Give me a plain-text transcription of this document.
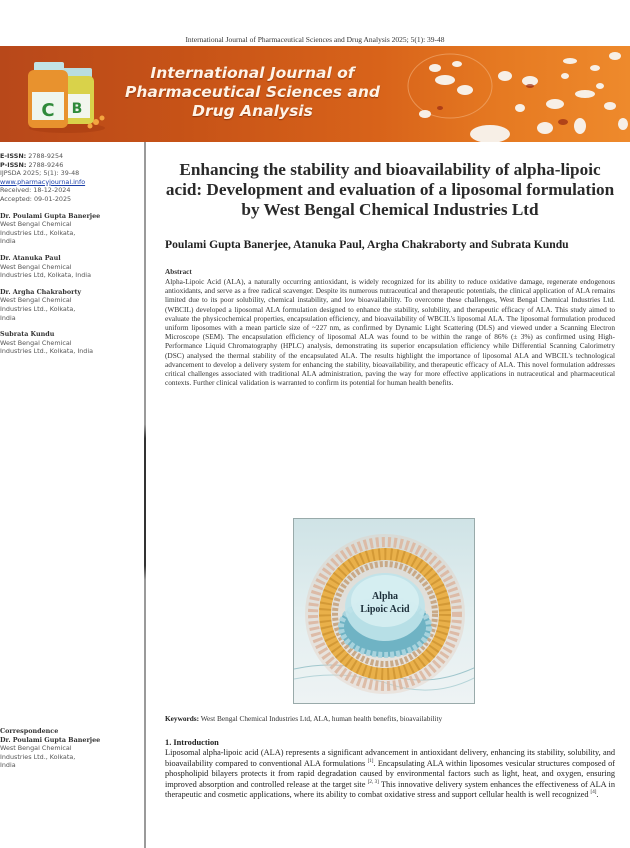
International Journal of Pharmaceutical Sciences and Drug Analysis 2025; 5(1): 39-48
B
C
International Journal of
Pharmaceutical Sciences and
Drug Analysis
E-ISSN: 2788-9254
P-ISSN: 2788-9246
IJPSDA 2025; 5(1): 39-48
www.pharmacyjournal.info
Received: 18-12-2024
Accepted: 09-01-2025
Dr. Poulami Gupta Banerjee
West Bengal Chemical
Industries Ltd., Kolkata,
India
Dr. Atanuka Paul
West Bengal Chemical
Industries Ltd, Kolkata, India
Dr. Argha Chakraborty
West Bengal Chemical
Industries Ltd., Kolkata,
India
Subrata Kundu
West Bengal Chemical
Industries Ltd., Kolkata, India
Correspondence
Dr. Poulami Gupta Banerjee
West Bengal Chemical
Industries Ltd., Kolkata,
India
Enhancing the stability and bioavailability of alpha-lipoic acid: Development and evaluation of a liposomal formulation by West Bengal Chemical Industries Ltd
Poulami Gupta Banerjee, Atanuka Paul, Argha Chakraborty and Subrata Kundu
Abstract

Alpha-Lipoic Acid (ALA), a naturally occurring antioxidant, is widely recognized for its ability to reduce oxidative damage, regenerate endogenous antioxidants, and serve as a free radical scavenger. Despite its numerous nutraceutical and therapeutic potentials, the clinical application of ALA remains limited due to its poor solubility, chemical instability, and low bioavailability. To overcome these challenges, West Bengal Chemical Industries Ltd. (WBCIL) developed a liposomal ALA formulation designed to enhance the stability, solubility, and therapeutic efficacy of ALA. This study aimed to evaluate the physicochemical properties, encapsulation efficiency, and bioavailability of WBCIL's liposomal ALA. The liposomal formulation produced uniform liposomes with a mean particle size of ~227 nm, as confirmed by Dynamic Light Scattering (DLS) and viewed under a Scanning Electron Microscope (SEM). The encapsulation efficiency of liposomal ALA was found to be within the range of 86% (± 3%) as confirmed using High-Performance Liquid Chromatography (HPLC) analysis, demonstrating its superior encapsulation efficiency while Differential Scanning Calorimetry (DSC) analysed the thermal stability of the encapsulated ALA. The results highlight the importance of liposomal ALA and WBCIL's technological advancement to develop a delivery system for enhancing the stability, bioavailability, and therapeutic efficacy of ALA. This novel formulation addresses critical challenges associated with traditional ALA administration, paving the way for more effective applications in nutraceutical and pharmaceutical contexts. Further clinical validation is warranted to confirm its potential for human health benefits.

Alpha
Lipoic Acid
Keywords: West Bengal Chemical Industries Ltd, ALA, human health benefits, bioavailability
1. Introduction

Liposomal alpha-lipoic acid (ALA) represents a significant advancement in antioxidant delivery, enhancing its stability, solubility, and bioavailability compared to conventional ALA formulations [1]. Encapsulating ALA within liposomes vesicular structures composed of phospholipid bilayers protects it from rapid degradation caused by environmental factors such as light, heat, and oxygen, ensuring improved absorption and controlled release at the target site [2, 3] This innovative delivery system enhances the effectiveness of ALA in therapeutic and cosmetic applications, where its ability to combat oxidative stress and support cellular health is well recognized [4].
